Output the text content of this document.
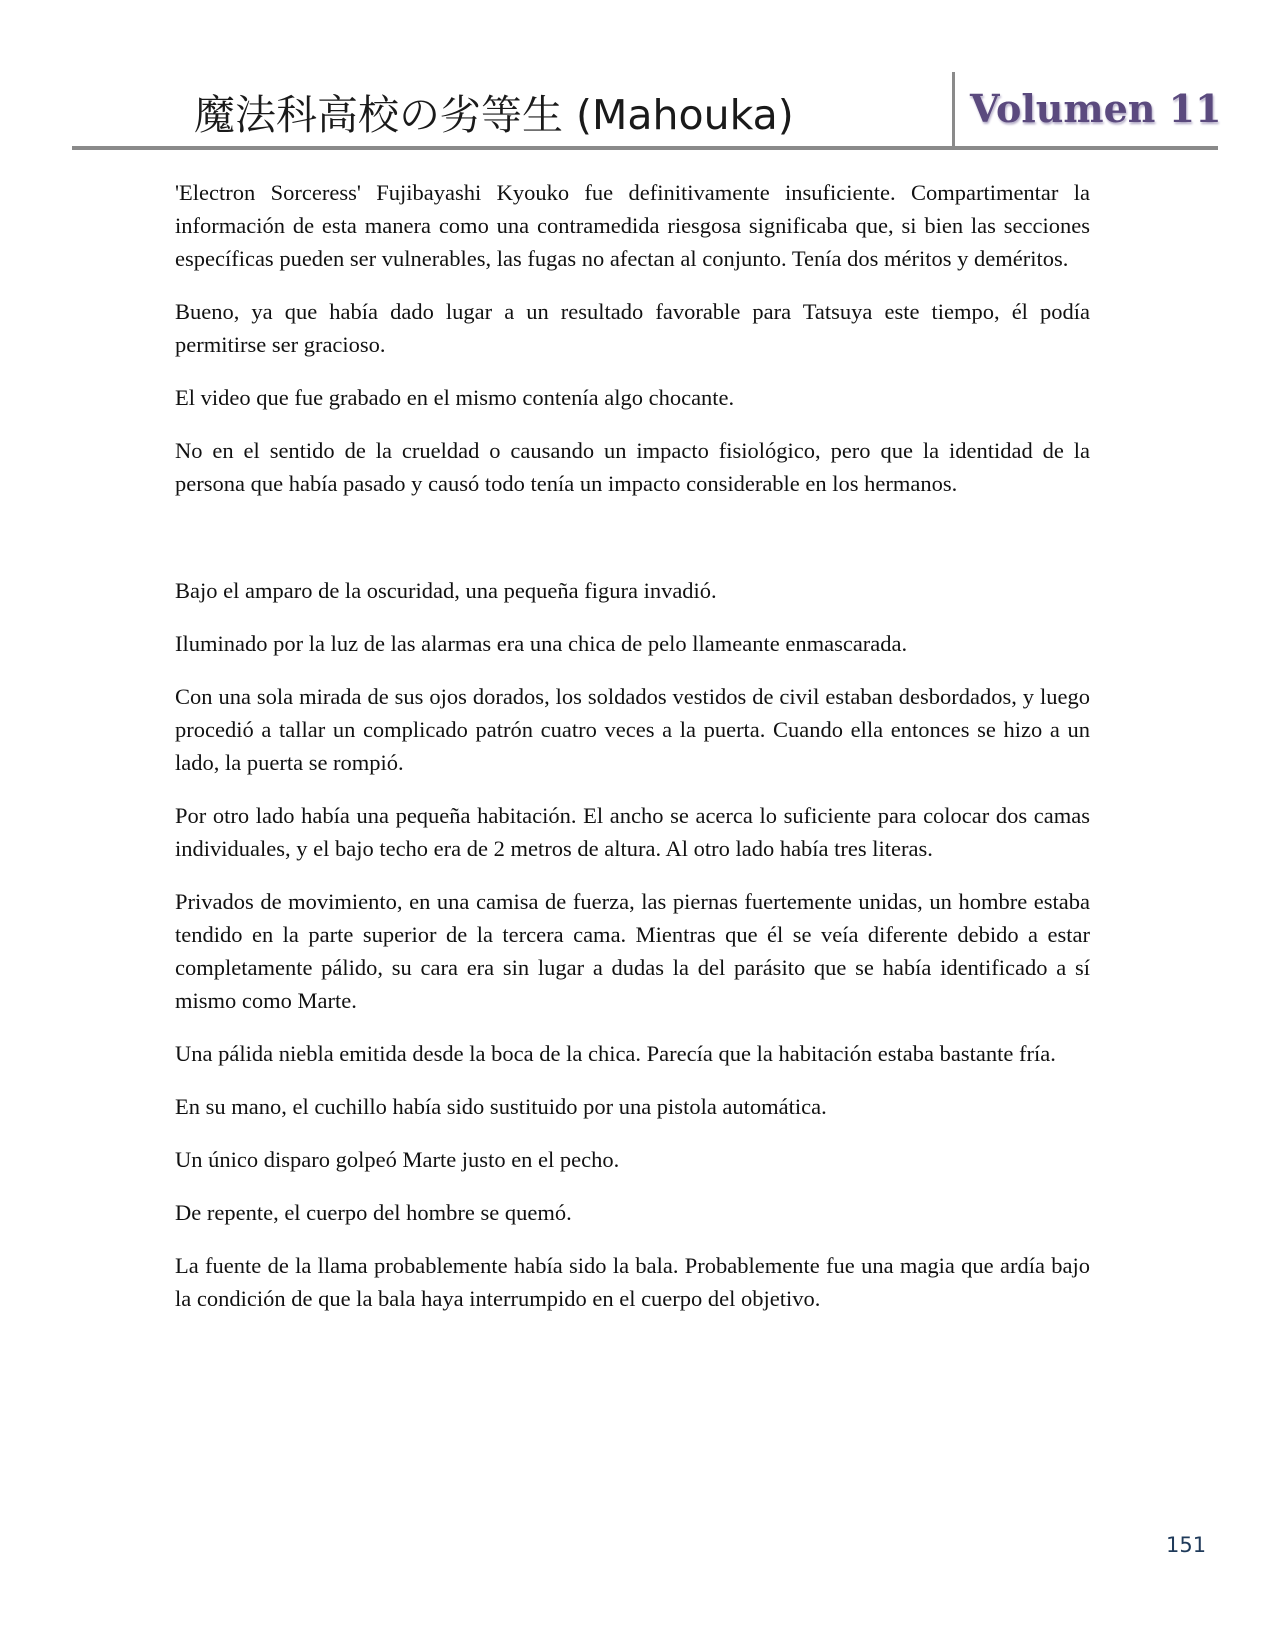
魔法科高校の劣等生 (Mahouka)	Volumen 11

'Electron Sorceress' Fujibayashi Kyouko fue definitivamente insuficiente. Compartimentar la información de esta manera como una contramedida riesgosa significaba que, si bien las secciones específicas pueden ser vulnerables, las fugas no afectan al conjunto. Tenía dos méritos y deméritos.

Bueno, ya que había dado lugar a un resultado favorable para Tatsuya este tiempo, él podía permitirse ser gracioso.

El video que fue grabado en el mismo contenía algo chocante.

No en el sentido de la crueldad o causando un impacto fisiológico, pero que la identidad de la persona que había pasado y causó todo tenía un impacto considerable en los hermanos.

Bajo el amparo de la oscuridad, una pequeña figura invadió.

Iluminado por la luz de las alarmas era una chica de pelo llameante enmascarada.

Con una sola mirada de sus ojos dorados, los soldados vestidos de civil estaban desbordados, y luego procedió a tallar un complicado patrón cuatro veces a la puerta. Cuando ella entonces se hizo a un lado, la puerta se rompió.

Por otro lado había una pequeña habitación. El ancho se acerca lo suficiente para colocar dos camas individuales, y el bajo techo era de 2 metros de altura. Al otro lado había tres literas.

Privados de movimiento, en una camisa de fuerza, las piernas fuertemente unidas, un hombre estaba tendido en la parte superior de la tercera cama. Mientras que él se veía diferente debido a estar completamente pálido, su cara era sin lugar a dudas la del parásito que se había identificado a sí mismo como Marte.

Una pálida niebla emitida desde la boca de la chica. Parecía que la habitación estaba bastante fría.

En su mano, el cuchillo había sido sustituido por una pistola automática.

Un único disparo golpeó Marte justo en el pecho.

De repente, el cuerpo del hombre se quemó.

La fuente de la llama probablemente había sido la bala. Probablemente fue una magia que ardía bajo la condición de que la bala haya interrumpido en el cuerpo del objetivo.

151
